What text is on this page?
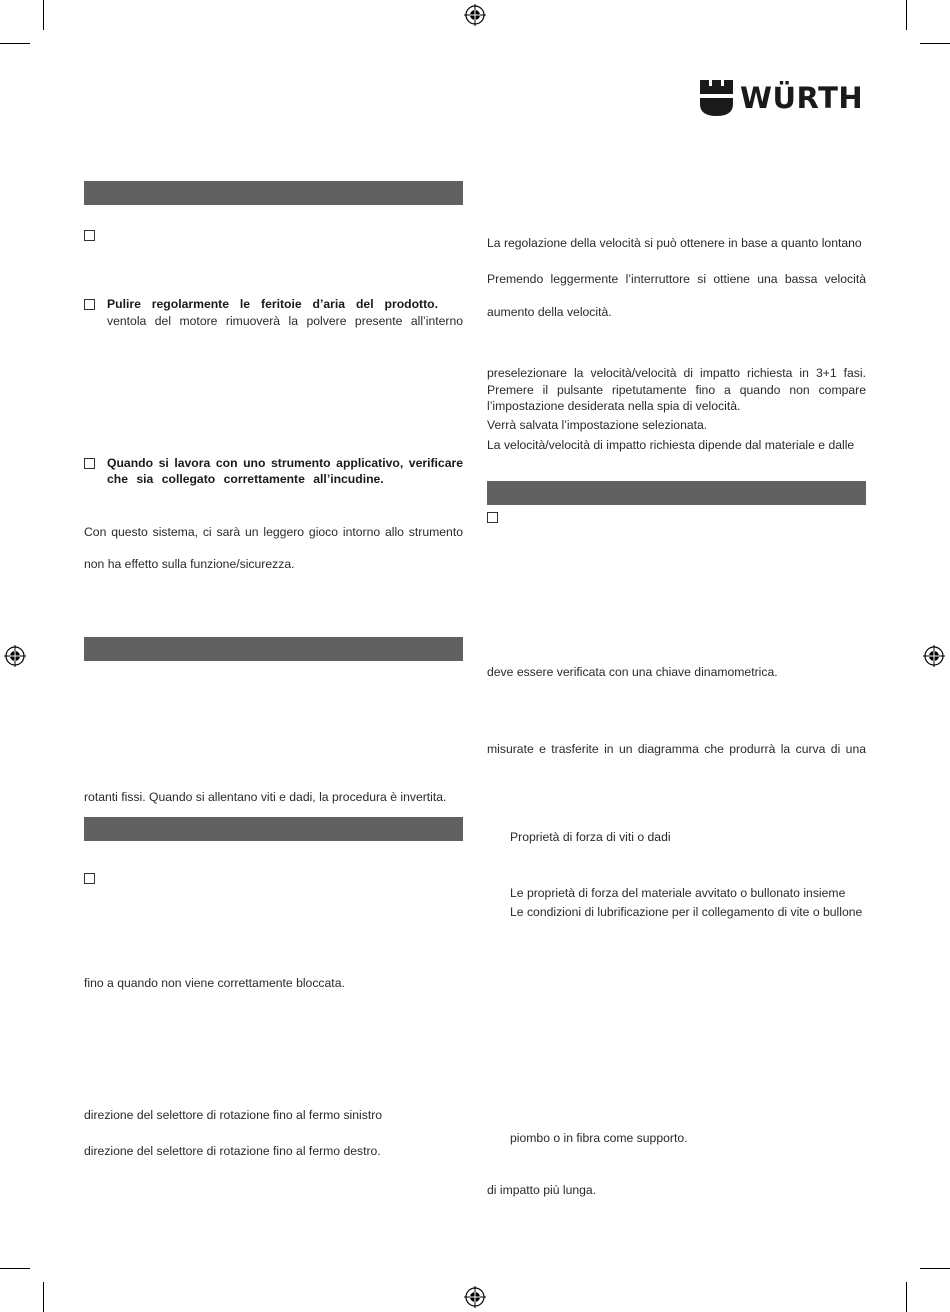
WÜRTH
Pulire regolarmente le feritoie d’aria del prodotto.
ventola del motore rimuoverà la polvere presente all’interno
Quando si lavora con uno strumento applicativo, verificare
che sia collegato correttamente all’incudine.
Con questo sistema, ci sarà un leggero gioco intorno allo strumento
non ha effetto sulla funzione/sicurezza.
rotanti fissi. Quando si allentano viti e dadi, la procedura è invertita.
fino a quando non viene correttamente bloccata.
direzione del selettore di rotazione fino al fermo sinistro
direzione del selettore di rotazione fino al fermo destro.
La regolazione della velocità si può ottenere in base a quanto lontano
Premendo leggermente l’interruttore si ottiene una bassa velocità
aumento della velocità.
preselezionare la velocità/velocità di impatto richiesta in 3+1 fasi.
Premere il pulsante ripetutamente fino a quando non compare
l’impostazione desiderata nella spia di velocità.
Verrà salvata l’impostazione selezionata.
La velocità/velocità di impatto richiesta dipende dal materiale e dalle
deve essere verificata con una chiave dinamometrica.
misurate e trasferite in un diagramma che produrrà la curva di una
Proprietà di forza di viti o dadi
Le proprietà di forza del materiale avvitato o bullonato insieme
Le condizioni di lubrificazione per il collegamento di vite o bullone
piombo o in fibra come supporto.
di impatto più lunga.
